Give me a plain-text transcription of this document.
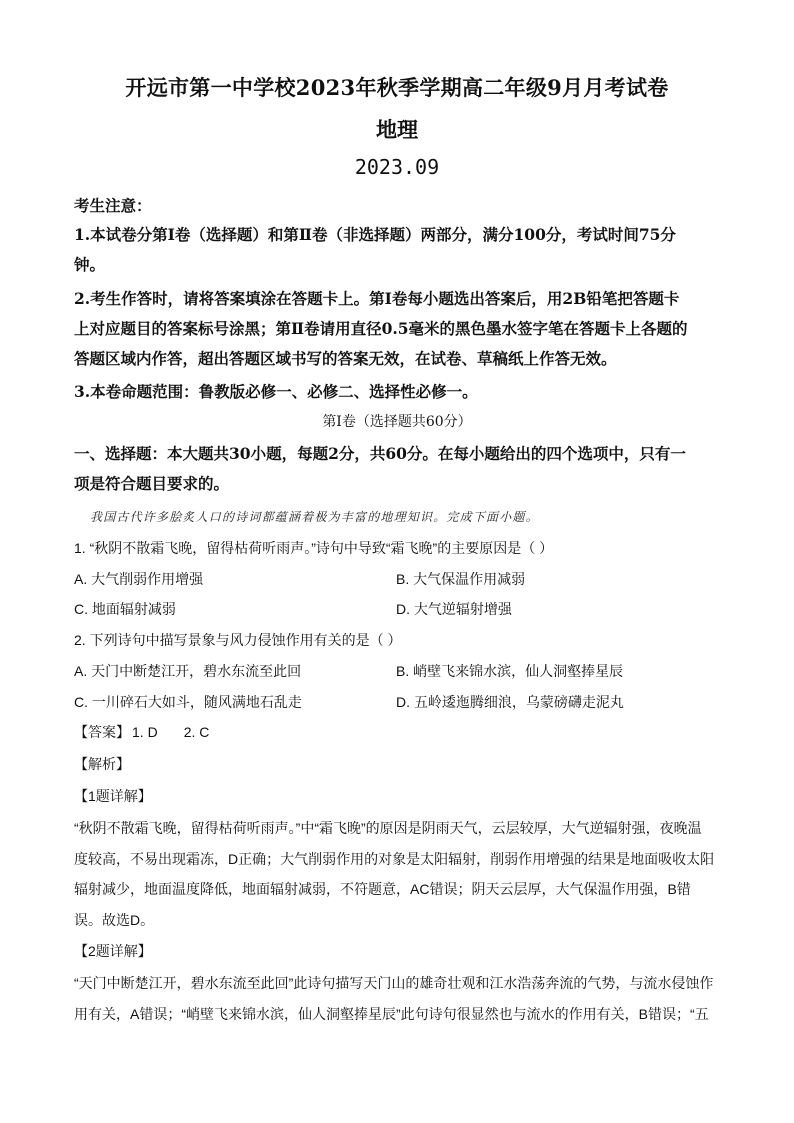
开远市第一中学校2023年秋季学期高二年级9月月考试卷
地理
2023.09
考生注意：
1.本试卷分第Ⅰ卷（选择题）和第Ⅱ卷（非选择题）两部分，满分100分，考试时间75分
钟。
2.考生作答时，请将答案填涂在答题卡上。第Ⅰ卷每小题选出答案后，用2B铅笔把答题卡
上对应题目的答案标号涂黑；第Ⅱ卷请用直径0.5毫米的黑色墨水签字笔在答题卡上各题的
答题区域内作答，超出答题区域书写的答案无效，在试卷、草稿纸上作答无效。
3.本卷命题范围：鲁教版必修一、必修二、选择性必修一。
第Ⅰ卷（选择题共60分）
一、选择题：本大题共30小题，每题2分，共60分。在每小题给出的四个选项中，只有一
项是符合题目要求的。
我国古代许多脍炙人口的诗词都蕴涵着极为丰富的地理知识。完成下面小题。
1. “秋阴不散霜飞晚，留得枯荷听雨声。”诗句中导致“霜飞晚”的主要原因是（ ）
A. 大气削弱作用增强	B. 大气保温作用减弱
C. 地面辐射减弱	D. 大气逆辐射增强
2. 下列诗句中描写景象与风力侵蚀作用有关的是（ ）
A. 天门中断楚江开，碧水东流至此回	B. 峭壁飞来锦水滨，仙人洞壑捧星辰
C. 一川碎石大如斗，随风满地石乱走	D. 五岭逶迤腾细浪，乌蒙磅礴走泥丸
【答案】 1. D 2. C
【解析】
【1题详解】
“秋阴不散霜飞晚，留得枯荷听雨声。”中“霜飞晚”的原因是阴雨天气，云层较厚，大气逆辐射强，夜晚温
度较高，不易出现霜冻，D正确；大气削弱作用的对象是太阳辐射，削弱作用增强的结果是地面吸收太阳
辐射减少，地面温度降低，地面辐射减弱，不符题意，AC错误；阴天云层厚，大气保温作用强，B错
误。故选D。
【2题详解】
“天门中断楚江开，碧水东流至此回”此诗句描写天门山的雄奇壮观和江水浩荡奔流的气势，与流水侵蚀作
用有关，A错误；“峭壁飞来锦水滨，仙人洞壑捧星辰”此句诗句很显然也与流水的作用有关，B错误；“五
